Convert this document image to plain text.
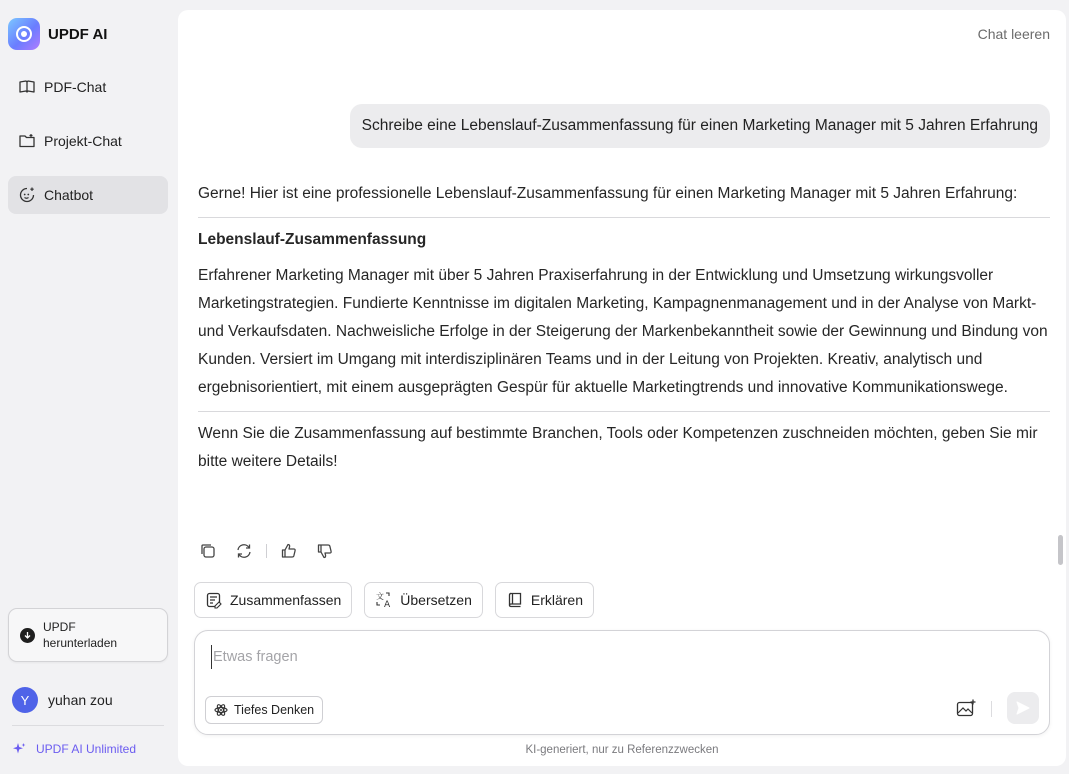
UPDF AI
PDF-Chat
Projekt-Chat
Chatbot
UPDF
herunterladen
Y	yuhan zou
UPDF AI Unlimited
Chat leeren
Schreibe eine Lebenslauf-Zusammenfassung für einen Marketing Manager mit 5 Jahren Erfahrung
Gerne! Hier ist eine professionelle Lebenslauf-Zusammenfassung für einen Marketing Manager mit 5 Jahren Erfahrung:
Lebenslauf-Zusammenfassung
Erfahrener Marketing Manager mit über 5 Jahren Praxiserfahrung in der Entwicklung und Umsetzung wirkungsvoller Marketingstrategien. Fundierte Kenntnisse im digitalen Marketing, Kampagnenmanagement und in der Analyse von Markt- und Verkaufsdaten. Nachweisliche Erfolge in der Steigerung der Markenbekanntheit sowie der Gewinnung und Bindung von Kunden. Versiert im Umgang mit interdisziplinären Teams und in der Leitung von Projekten. Kreativ, analytisch und ergebnisorientiert, mit einem ausgeprägten Gespür für aktuelle Marketingtrends und innovative Kommunikationswege.
Wenn Sie die Zusammenfassung auf bestimmte Branchen, Tools oder Kompetenzen zuschneiden möchten, geben Sie mir bitte weitere Details!
Zusammenfassen	文
A Übersetzen	Erklären
Etwas fragen
Tiefes Denken
KI-generiert, nur zu Referenzzwecken
